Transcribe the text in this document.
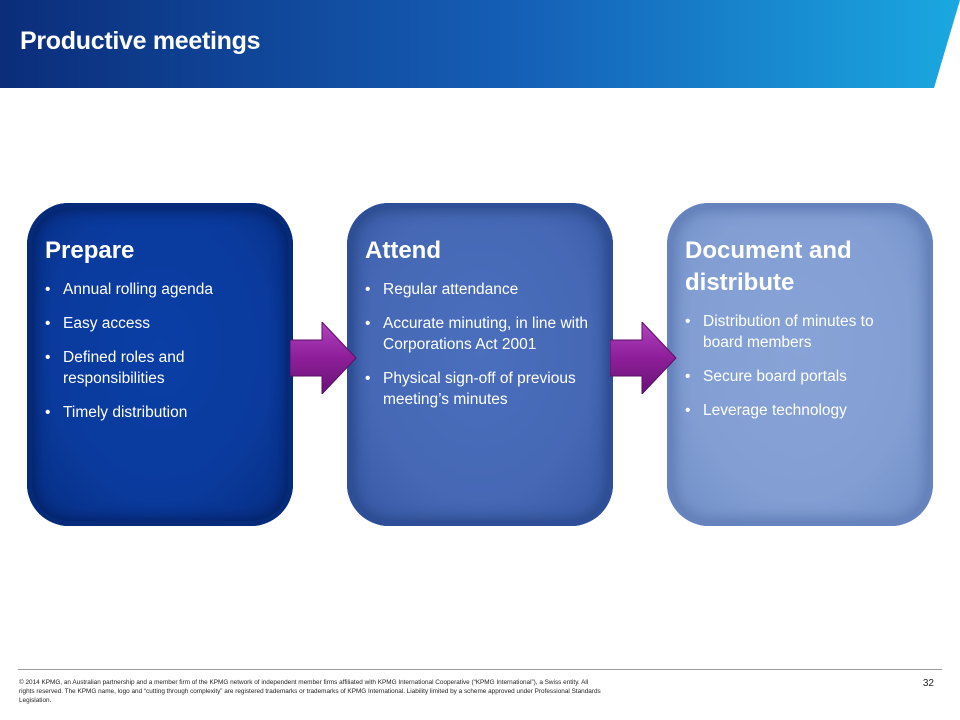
Productive meetings
Prepare
• Annual rolling agenda
• Easy access
• Defined roles and responsibilities
• Timely distribution
Attend
• Regular attendance
• Accurate minuting, in line with Corporations Act 2001
• Physical sign-off of previous meeting’s minutes
Document and distribute
• Distribution of minutes to board members
• Secure board portals
• Leverage technology
© 2014 KPMG, an Australian partnership and a member firm of the KPMG network of independent member firms affiliated with KPMG International Cooperative (“KPMG International”), a Swiss entity. All rights reserved. The KPMG name, logo and “cutting through complexity” are registered trademarks or trademarks of KPMG International. Liability limited by a scheme approved under Professional Standards Legislation.
32
